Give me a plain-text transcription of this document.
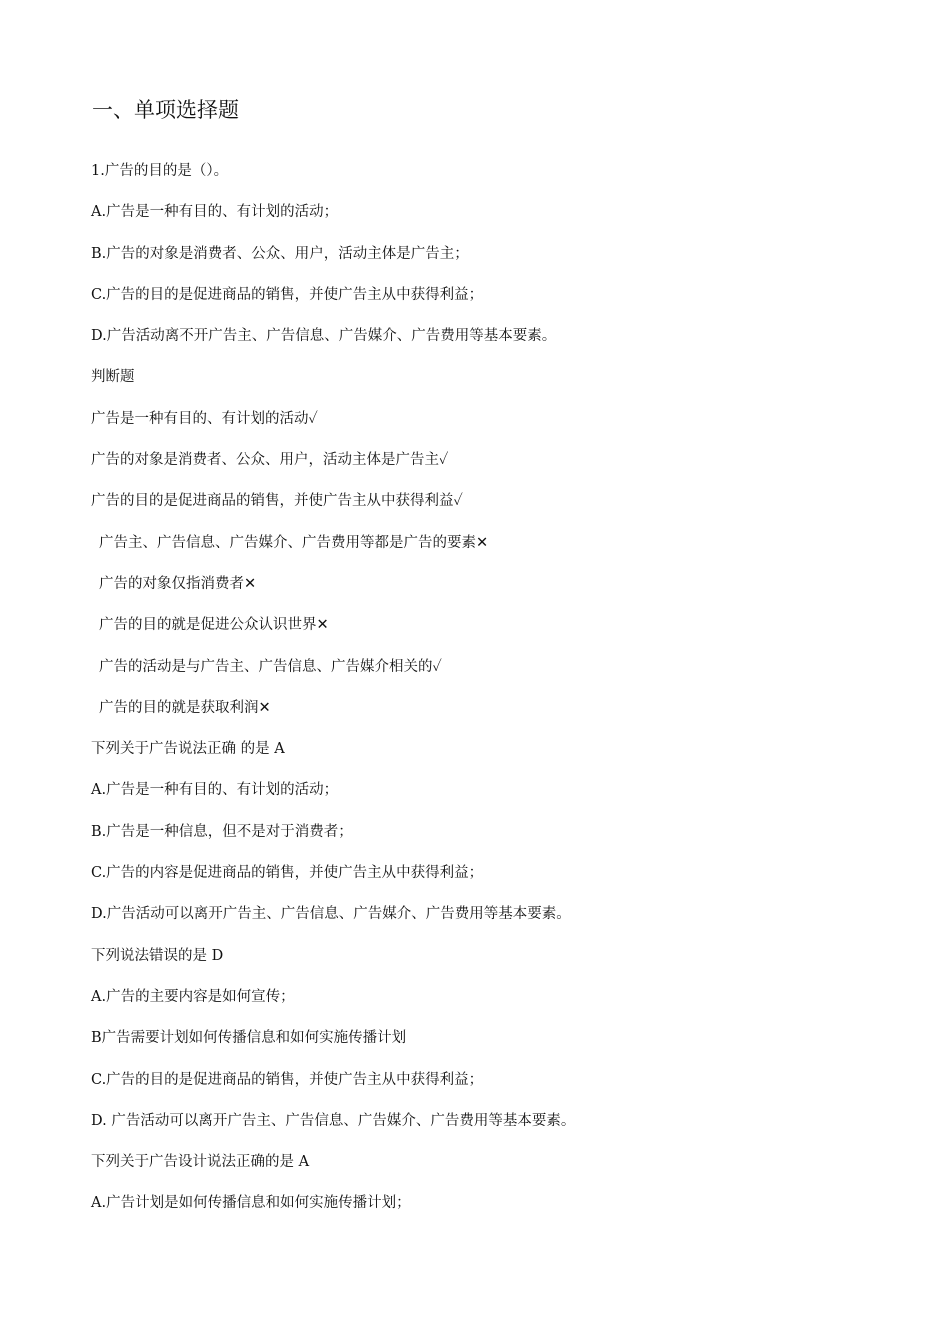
一、单项选择题
1.广告的目的是（）。
A.广告是一种有目的、有计划的活动；
B.广告的对象是消费者、公众、用户，活动主体是广告主；
C.广告的目的是促进商品的销售，并使广告主从中获得利益；
D.广告活动离不开广告主、广告信息、广告媒介、广告费用等基本要素。
判断题
广告是一种有目的、有计划的活动✓
广告的对象是消费者、公众、用户，活动主体是广告主✓
广告的目的是促进商品的销售，并使广告主从中获得利益✓
广告主、广告信息、广告媒介、广告费用等都是广告的要素✕
广告的对象仅指消费者✕
广告的目的就是促进公众认识世界✕
广告的活动是与广告主、广告信息、广告媒介相关的✓
广告的目的就是获取利润✕
下列关于广告说法正确 的是 A
A.广告是一种有目的、有计划的活动；
B.广告是一种信息，但不是对于消费者；
C.广告的内容是促进商品的销售，并使广告主从中获得利益；
D.广告活动可以离开广告主、广告信息、广告媒介、广告费用等基本要素。
下列说法错误的是 D
A.广告的主要内容是如何宣传；
B广告需要计划如何传播信息和如何实施传播计划
C.广告的目的是促进商品的销售，并使广告主从中获得利益；
D. 广告活动可以离开广告主、广告信息、广告媒介、广告费用等基本要素。
下列关于广告设计说法正确的是 A
A.广告计划是如何传播信息和如何实施传播计划；
